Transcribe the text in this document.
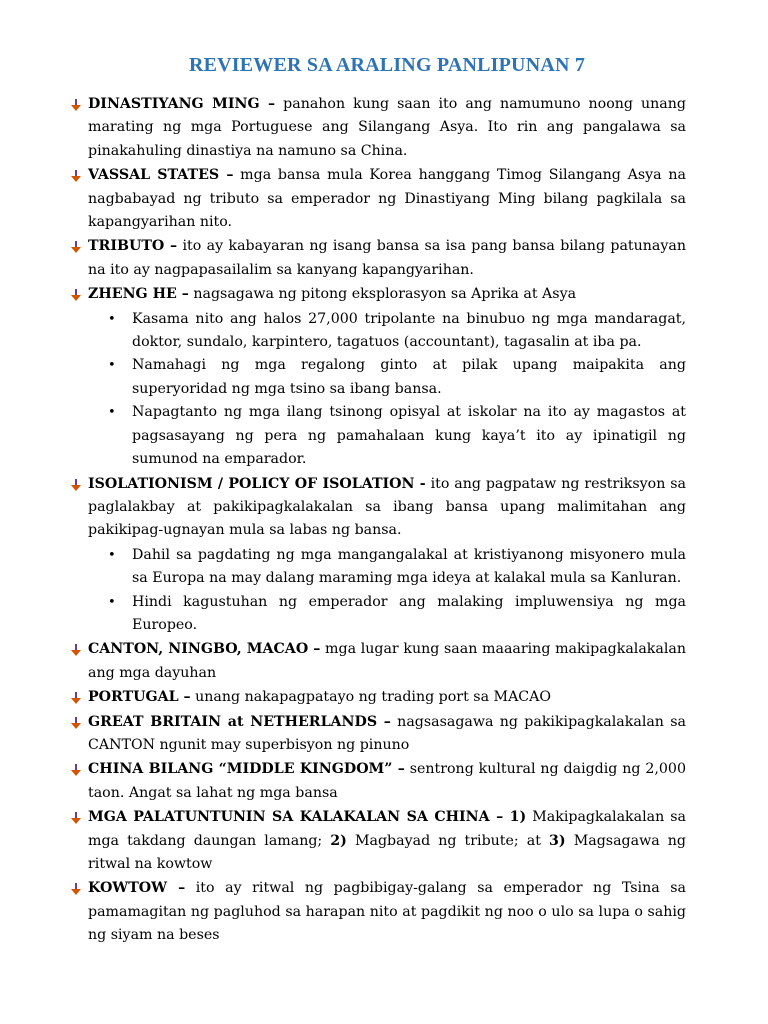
REVIEWER SA ARALING PANLIPUNAN 7
DINASTIYANG MING – panahon kung saan ito ang namumuno noong unang marating ng mga Portuguese ang Silangang Asya. Ito rin ang pangalawa sa pinakahuling dinastiya na namuno sa China.
VASSAL STATES – mga bansa mula Korea hanggang Timog Silangang Asya na nagbabayad ng tributo sa emperador ng Dinastiyang Ming bilang pagkilala sa kapangyarihan nito.
TRIBUTO – ito ay kabayaran ng isang bansa sa isa pang bansa bilang patunayan na ito ay nagpapasailalim sa kanyang kapangyarihan.
ZHENG HE – nagsagawa ng pitong eksplorasyon sa Aprika at Asya
• Kasama nito ang halos 27,000 tripolante na binubuo ng mga mandaragat, doktor, sundalo, karpintero, tagatuos (accountant), tagasalin at iba pa.
• Namahagi ng mga regalong ginto at pilak upang maipakita ang superyoridad ng mga tsino sa ibang bansa.
• Napagtanto ng mga ilang tsinong opisyal at iskolar na ito ay magastos at pagsasayang ng pera ng pamahalaan kung kaya’t ito ay ipinatigil ng sumunod na emparador.
ISOLATIONISM / POLICY OF ISOLATION - ito ang pagpataw ng restriksyon sa paglalakbay at pakikipagkalakalan sa ibang bansa upang malimitahan ang pakikipag-ugnayan mula sa labas ng bansa.
• Dahil sa pagdating ng mga mangangalakal at kristiyanong misyonero mula sa Europa na may dalang maraming mga ideya at kalakal mula sa Kanluran.
• Hindi kagustuhan ng emperador ang malaking impluwensiya ng mga Europeo.
CANTON, NINGBO, MACAO – mga lugar kung saan maaaring makipagkalakalan ang mga dayuhan
PORTUGAL – unang nakapagpatayo ng trading port sa MACAO
GREAT BRITAIN at NETHERLANDS – nagsasagawa ng pakikipagkalakalan sa CANTON ngunit may superbisyon ng pinuno
CHINA BILANG “MIDDLE KINGDOM” – sentrong kultural ng daigdig ng 2,000 taon. Angat sa lahat ng mga bansa
MGA PALATUNTUNIN SA KALAKALAN SA CHINA – 1) Makipagkalakalan sa mga takdang daungan lamang; 2) Magbayad ng tribute; at 3) Magsagawa ng ritwal na kowtow
KOWTOW – ito ay ritwal ng pagbibigay-galang sa emperador ng Tsina sa pamamagitan ng pagluhod sa harapan nito at pagdikit ng noo o ulo sa lupa o sahig ng siyam na beses
